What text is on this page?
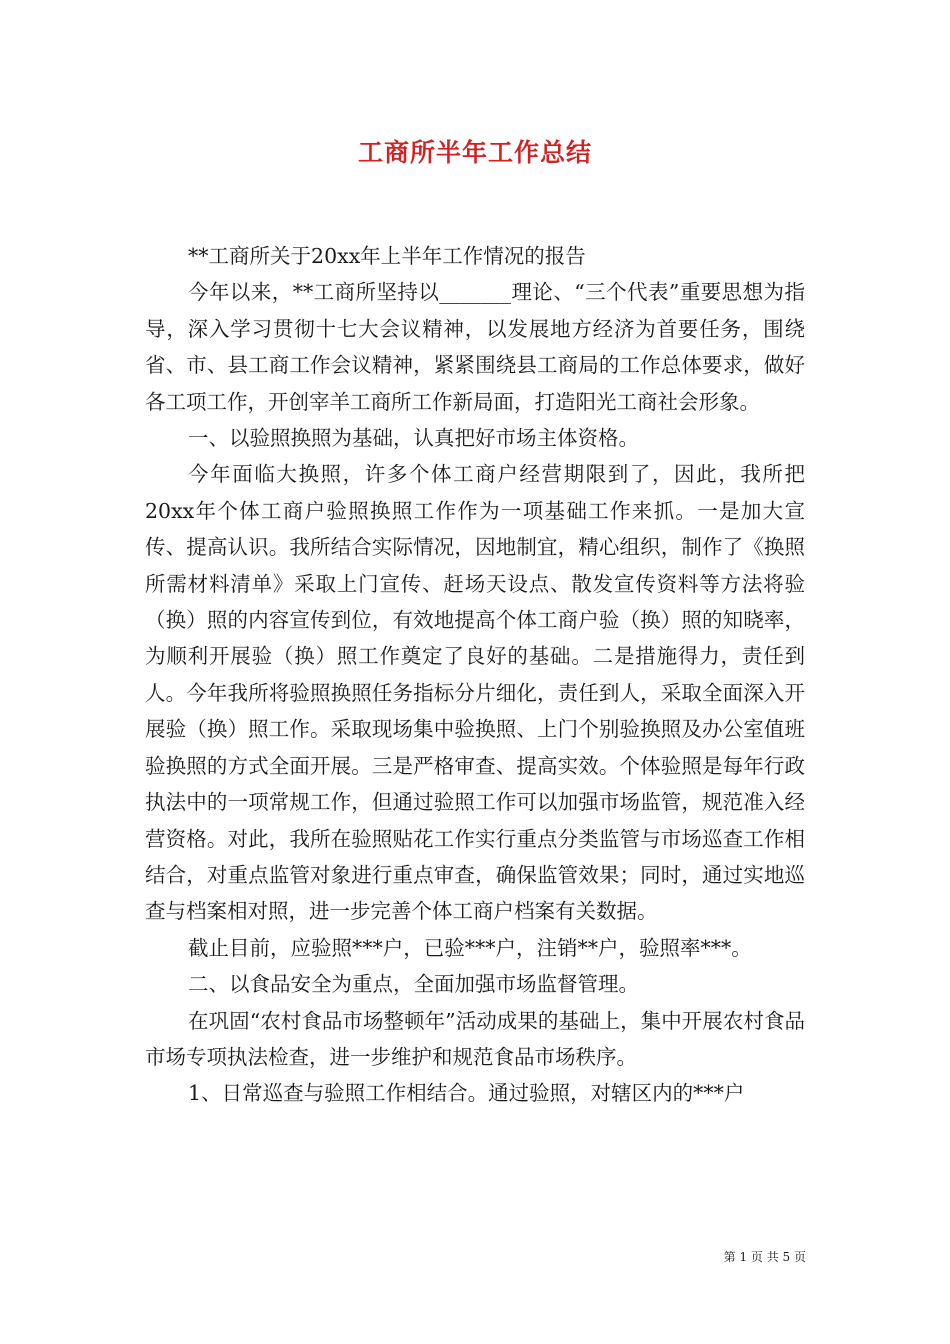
工商所半年工作总结

**工商所关于20xx年上半年工作情况的报告

今年以来，**工商所坚持以_______理论、“三个代表”重要思想为指导，深入学习贯彻十七大会议精神，以发展地方经济为首要任务，围绕省、市、县工商工作会议精神，紧紧围绕县工商局的工作总体要求，做好各工项工作，开创宰羊工商所工作新局面，打造阳光工商社会形象。

一、以验照换照为基础，认真把好市场主体资格。

今年面临大换照，许多个体工商户经营期限到了，因此，我所把20xx年个体工商户验照换照工作作为一项基础工作来抓。一是加大宣传、提高认识。我所结合实际情况，因地制宜，精心组织，制作了《换照所需材料清单》采取上门宣传、赶场天设点、散发宣传资料等方法将验（换）照的内容宣传到位，有效地提高个体工商户验（换）照的知晓率，为顺利开展验（换）照工作奠定了良好的基础。二是措施得力，责任到人。今年我所将验照换照任务指标分片细化，责任到人，采取全面深入开展验（换）照工作。采取现场集中验换照、上门个别验换照及办公室值班验换照的方式全面开展。三是严格审查、提高实效。个体验照是每年行政执法中的一项常规工作，但通过验照工作可以加强市场监管，规范准入经营资格。对此，我所在验照贴花工作实行重点分类监管与市场巡查工作相结合，对重点监管对象进行重点审查，确保监管效果；同时，通过实地巡查与档案相对照，进一步完善个体工商户档案有关数据。

截止目前，应验照***户，已验***户，注销**户，验照率***。

二、以食品安全为重点，全面加强市场监督管理。

在巩固“农村食品市场整顿年”活动成果的基础上，集中开展农村食品市场专项执法检查，进一步维护和规范食品市场秩序。

1、日常巡查与验照工作相结合。通过验照，对辖区内的***户

第 1 页 共 5 页
